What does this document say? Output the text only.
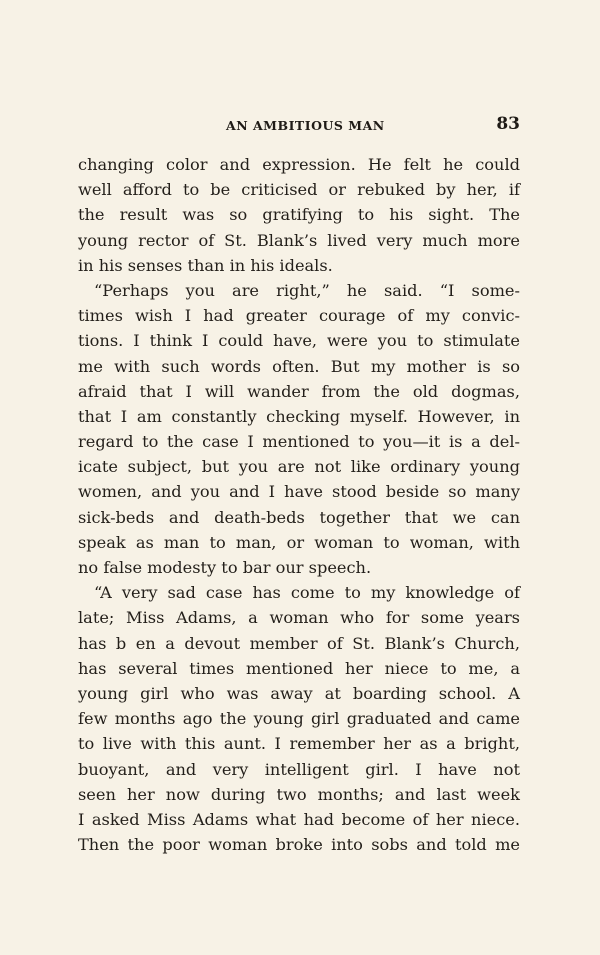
AN AMBITIOUS MAN	83
changing color and expression. He felt he could
well afford to be criticised or rebuked by her, if
the result was so gratifying to his sight. The
young rector of St. Blank’s lived very much more
in his senses than in his ideals.
“Perhaps you are right,” he said. “I some-
times wish I had greater courage of my convic-
tions. I think I could have, were you to stimulate
me with such words often. But my mother is so
afraid that I will wander from the old dogmas,
that I am constantly checking myself. However, in
regard to the case I mentioned to you—it is a del-
icate subject, but you are not like ordinary young
women, and you and I have stood beside so many
sick-beds and death-beds together that we can
speak as man to man, or woman to woman, with
no false modesty to bar our speech.
“A very sad case has come to my knowledge of
late; Miss Adams, a woman who for some years
has b en a devout member of St. Blank’s Church,
has several times mentioned her niece to me, a
young girl who was away at boarding school. A
few months ago the young girl graduated and came
to live with this aunt. I remember her as a bright,
buoyant, and very intelligent girl. I have not
seen her now during two months; and last week
I asked Miss Adams what had become of her niece.
Then the poor woman broke into sobs and told me
